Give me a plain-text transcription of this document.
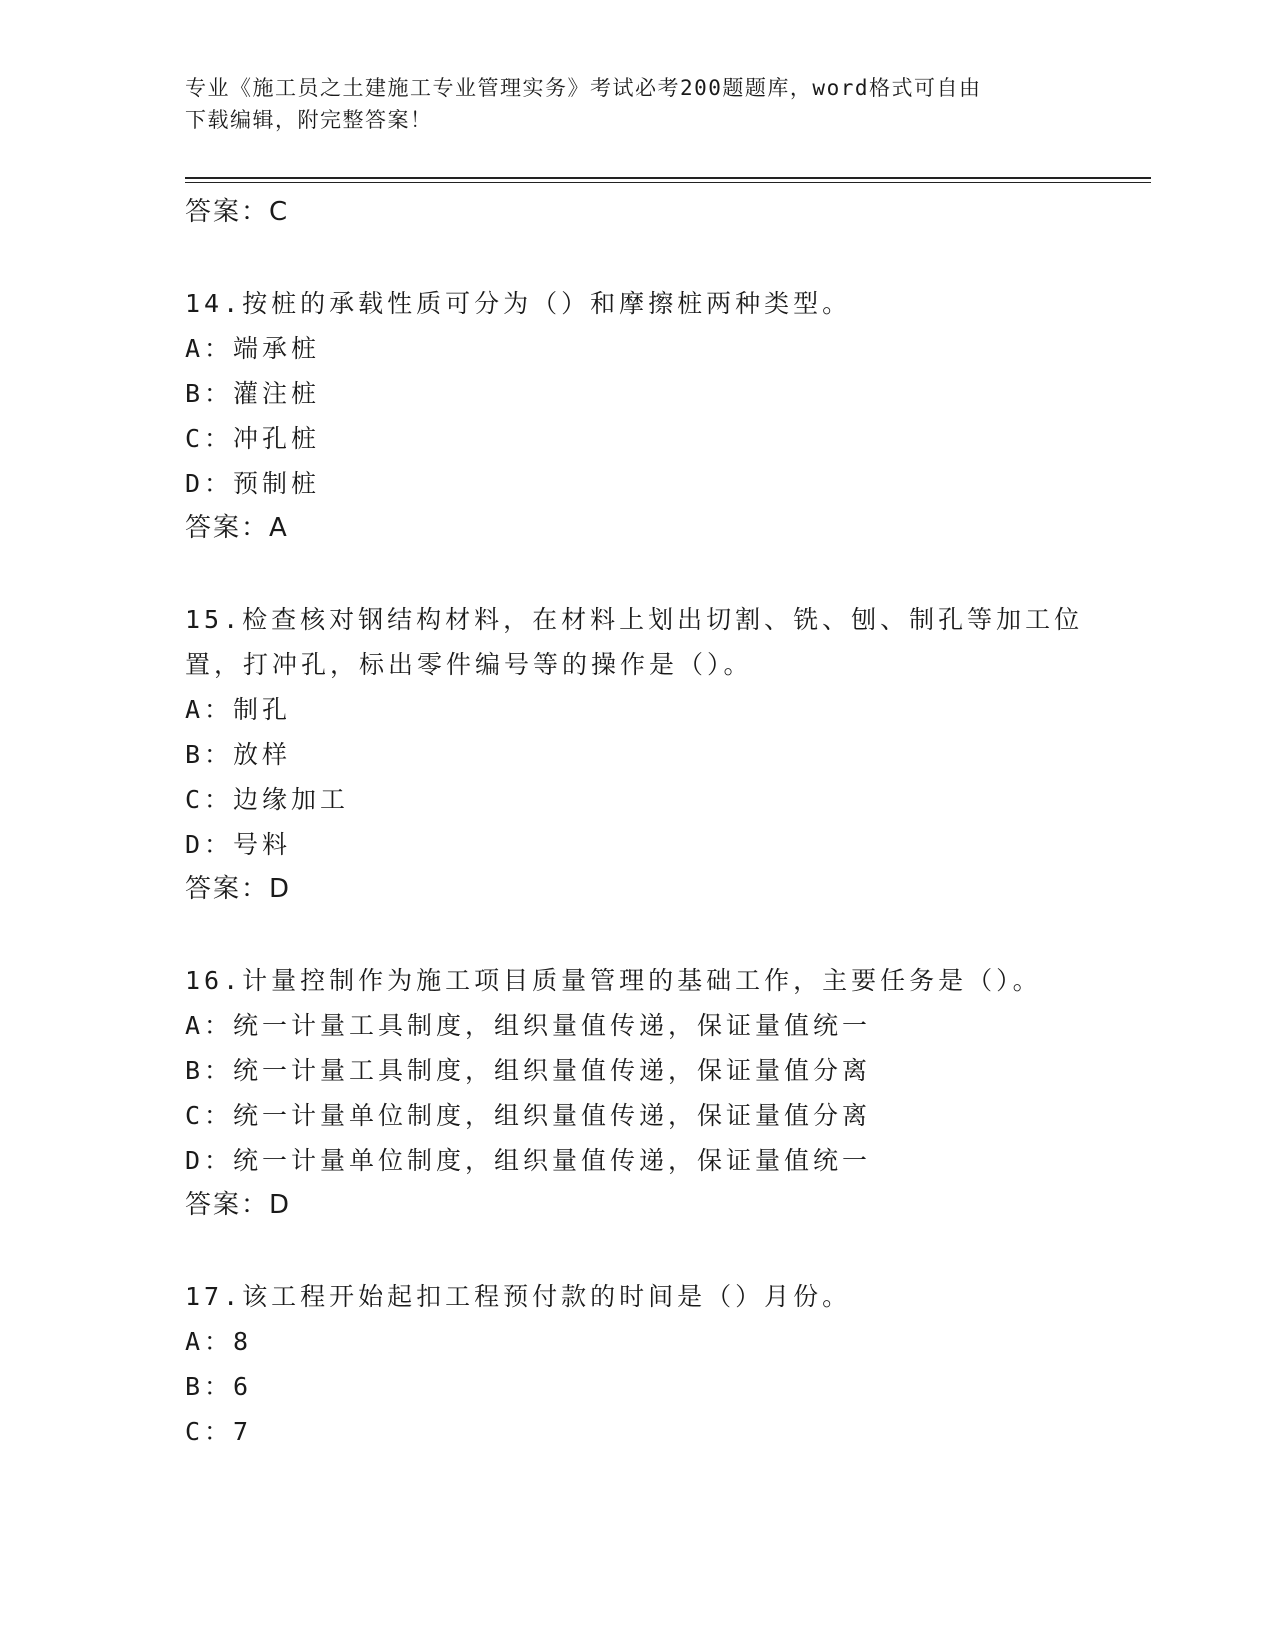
专业《施工员之土建施工专业管理实务》考试必考200题题库，word格式可自由
下载编辑，附完整答案！
答案：C
14.按桩的承载性质可分为（）和摩擦桩两种类型。
A：端承桩
B：灌注桩
C：冲孔桩
D：预制桩
答案：A
15.检查核对钢结构材料，在材料上划出切割、铣、刨、制孔等加工位
置，打冲孔，标出零件编号等的操作是（）。
A：制孔
B：放样
C：边缘加工
D：号料
答案：D
16.计量控制作为施工项目质量管理的基础工作，主要任务是（）。
A：统一计量工具制度，组织量值传递，保证量值统一
B：统一计量工具制度，组织量值传递，保证量值分离
C：统一计量单位制度，组织量值传递，保证量值分离
D：统一计量单位制度，组织量值传递，保证量值统一
答案：D
17.该工程开始起扣工程预付款的时间是（）月份。
A：8
B：6
C：7
